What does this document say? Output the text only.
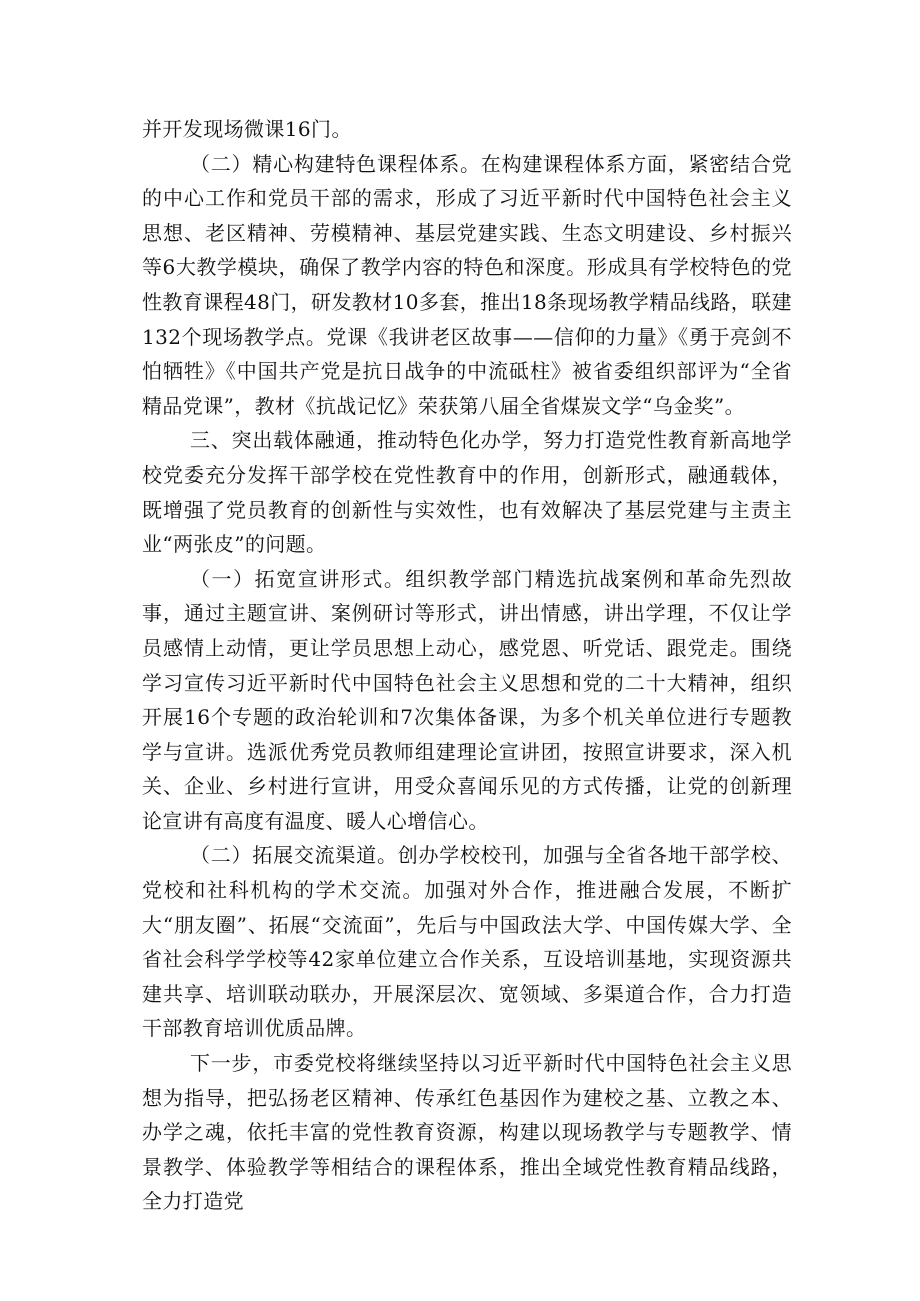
并开发现场微课16门。

（二）精心构建特色课程体系。在构建课程体系方面，紧密结合党的中心工作和党员干部的需求，形成了习近平新时代中国特色社会主义思想、老区精神、劳模精神、基层党建实践、生态文明建设、乡村振兴等6大教学模块，确保了教学内容的特色和深度。形成具有学校特色的党性教育课程48门，研发教材10多套，推出18条现场教学精品线路，联建132个现场教学点。党课《我讲老区故事——信仰的力量》《勇于亮剑不怕牺牲》《中国共产党是抗日战争的中流砥柱》被省委组织部评为“全省精品党课”，教材《抗战记忆》荣获第八届全省煤炭文学“乌金奖”。

三、突出载体融通，推动特色化办学，努力打造党性教育新高地学校党委充分发挥干部学校在党性教育中的作用，创新形式，融通载体，既增强了党员教育的创新性与实效性，也有效解决了基层党建与主责主业“两张皮”的问题。

（一）拓宽宣讲形式。组织教学部门精选抗战案例和革命先烈故事，通过主题宣讲、案例研讨等形式，讲出情感，讲出学理，不仅让学员感情上动情，更让学员思想上动心，感党恩、听党话、跟党走。围绕学习宣传习近平新时代中国特色社会主义思想和党的二十大精神，组织开展16个专题的政治轮训和7次集体备课，为多个机关单位进行专题教学与宣讲。选派优秀党员教师组建理论宣讲团，按照宣讲要求，深入机关、企业、乡村进行宣讲，用受众喜闻乐见的方式传播，让党的创新理论宣讲有高度有温度、暖人心增信心。

（二）拓展交流渠道。创办学校校刊，加强与全省各地干部学校、党校和社科机构的学术交流。加强对外合作，推进融合发展，不断扩大“朋友圈”、拓展“交流面”，先后与中国政法大学、中国传媒大学、全省社会科学学校等42家单位建立合作关系，互设培训基地，实现资源共建共享、培训联动联办，开展深层次、宽领域、多渠道合作，合力打造干部教育培训优质品牌。

下一步，市委党校将继续坚持以习近平新时代中国特色社会主义思想为指导，把弘扬老区精神、传承红色基因作为建校之基、立教之本、办学之魂，依托丰富的党性教育资源，构建以现场教学与专题教学、情景教学、体验教学等相结合的课程体系，推出全域党性教育精品线路，全力打造党
